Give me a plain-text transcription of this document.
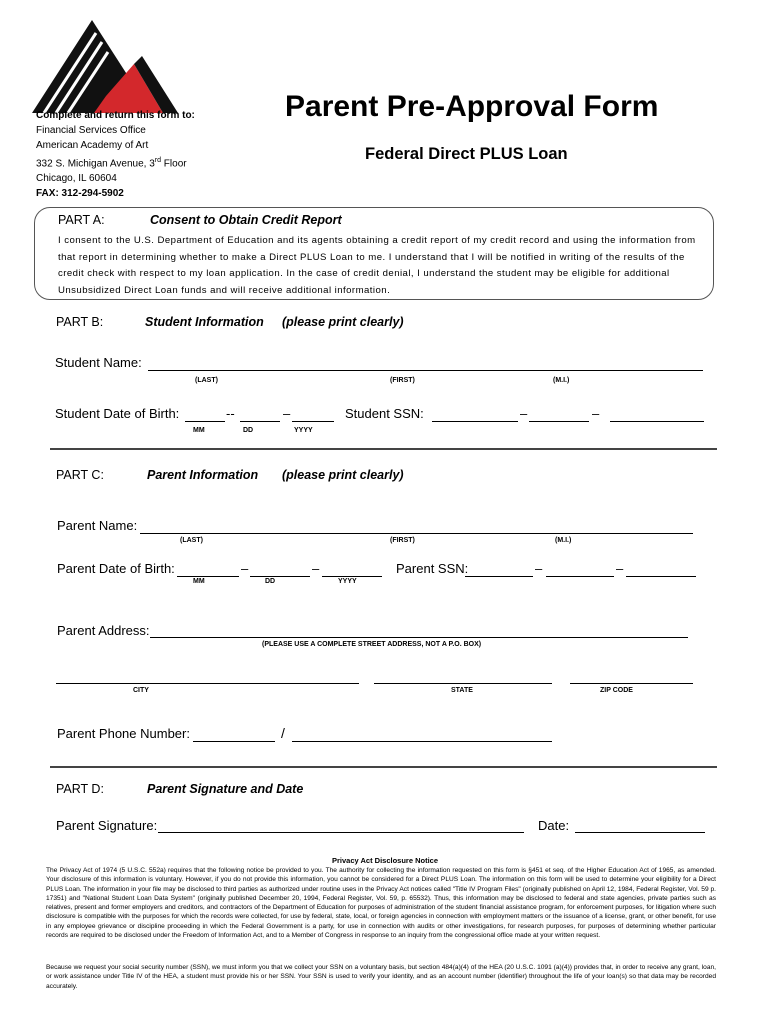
Complete and return this form to:
Financial Services Office
American Academy of Art
332 S. Michigan Avenue, 3rd Floor
Chicago, IL 60604
FAX: 312-294-5902
Parent Pre-Approval Form
Federal Direct PLUS Loan
PART A:	Consent to Obtain Credit Report
I consent to the U.S. Department of Education and its agents obtaining a credit report of my credit record and using the information from that report in determining whether to make a Direct PLUS Loan to me. I understand that I will be notified in writing of the results of the credit check with respect to my loan application. In the case of credit denial, I understand the student may be eligible for additional Unsubsidized Direct Loan funds and will receive additional information.
PART B:	Student Information (please print clearly)
Student Name:
(LAST)	(FIRST)	(M.I.)
Student Date of Birth:	--	–
MM	DD	YYYY
Student SSN:	–	–
PART C:	Parent Information (please print clearly)
Parent Name:
(LAST)	(FIRST)	(M.I.)
Parent Date of Birth:	–	–
MM	DD	YYYY
Parent SSN:	–	–
Parent Address:
(PLEASE USE A COMPLETE STREET ADDRESS, NOT A P.O. BOX)
CITY	STATE	ZIP CODE
Parent Phone Number:	/
PART D:	Parent Signature and Date
Parent Signature:	Date:
Privacy Act Disclosure Notice
The Privacy Act of 1974 (5 U.S.C. 552a) requires that the following notice be provided to you. The authority for collecting the information requested on this form is §451 et seq. of the Higher Education Act of 1965, as amended. Your disclosure of this information is voluntary. However, if you do not provide this information, you cannot be considered for a Direct PLUS Loan. The information on this form will be used to determine your eligibility for a Direct PLUS Loan. The information in your file may be disclosed to third parties as authorized under routine uses in the Privacy Act notices called "Title IV Program Files" (originally published on April 12, 1984, Federal Register, Vol. 59 p. 17351) and "National Student Loan Data System" (originally published December 20, 1994, Federal Register, Vol. 59, p. 65532). Thus, this information may be disclosed to federal and state agencies, private parties such as relatives, present and former employers and creditors, and contractors of the Department of Education for purposes of administration of the student financial assistance program, for enforcement purposes, for litigation where such disclosure is compatible with the purposes for which the records were collected, for use by federal, state, local, or foreign agencies in connection with employment matters or the issuance of a license, grant, or other benefit, for use in any employee grievance or discipline proceeding in which the Federal Government is a party, for use in connection with audits or other investigations, for research purposes, for purposes of determining whether particular records are required to be disclosed under the Freedom of Information Act, and to a Member of Congress in response to an inquiry from the congressional office made at your written request.
Because we request your social security number (SSN), we must inform you that we collect your SSN on a voluntary basis, but section 484(a)(4) of the HEA (20 U.S.C. 1091 (a)(4)) provides that, in order to receive any grant, loan, or work assistance under Title IV of the HEA, a student must provide his or her SSN. Your SSN is used to verify your identity, and as an account number (identifier) throughout the life of your loan(s) so that data may be recorded accurately.
